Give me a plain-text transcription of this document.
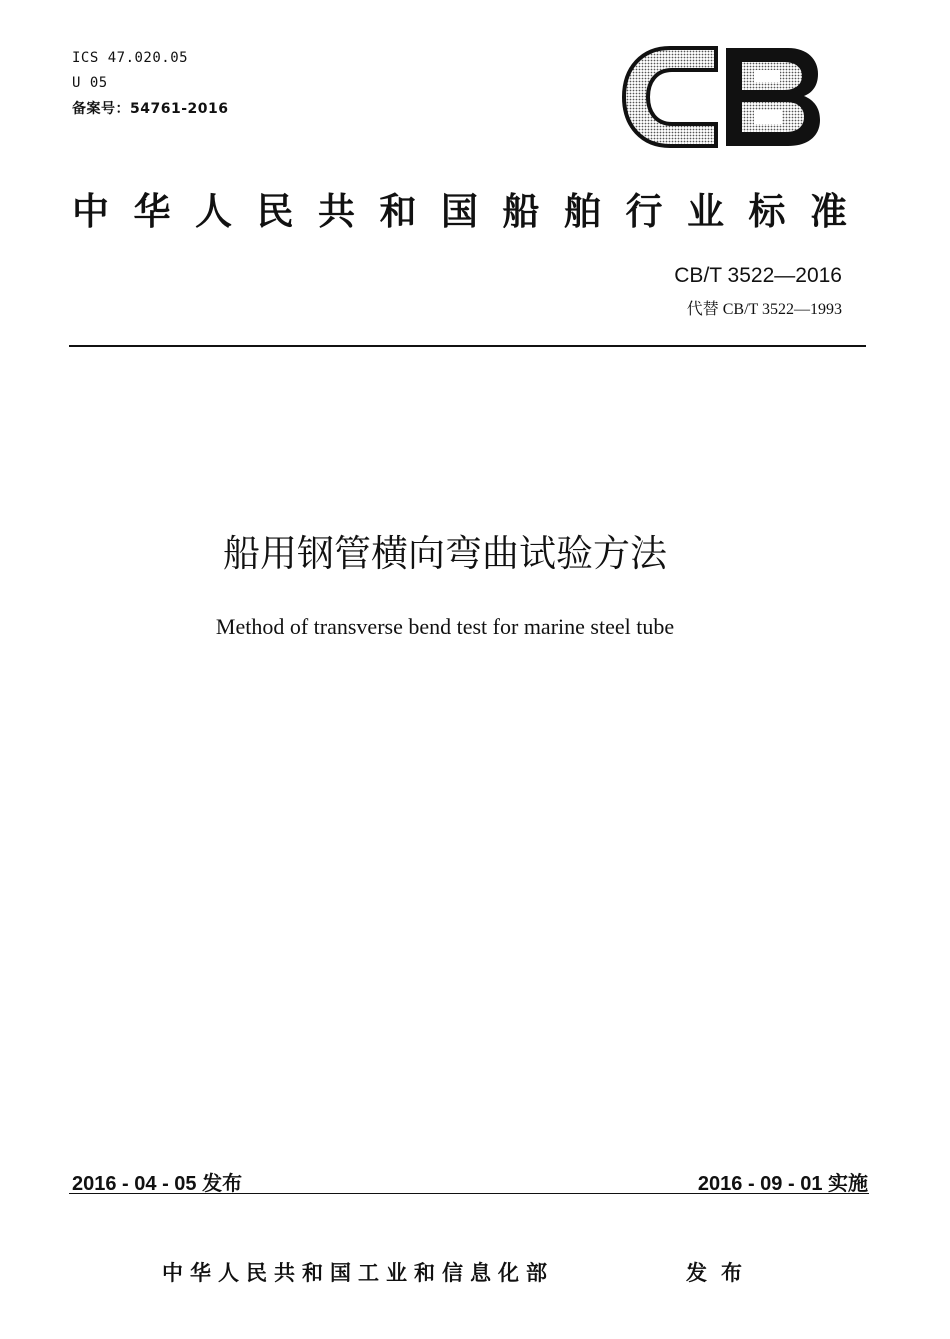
ICS 47.020.05
U 05
备案号：54761-2016
中华人民共和国船舶行业标准
CB/T 3522—2016
代替 CB/T 3522—1993
船用钢管横向弯曲试验方法
Method of transverse bend test for marine steel tube
2016 - 04 - 05 发布	2016 - 09 - 01 实施
中华人民共和国工业和信息化部	发布
